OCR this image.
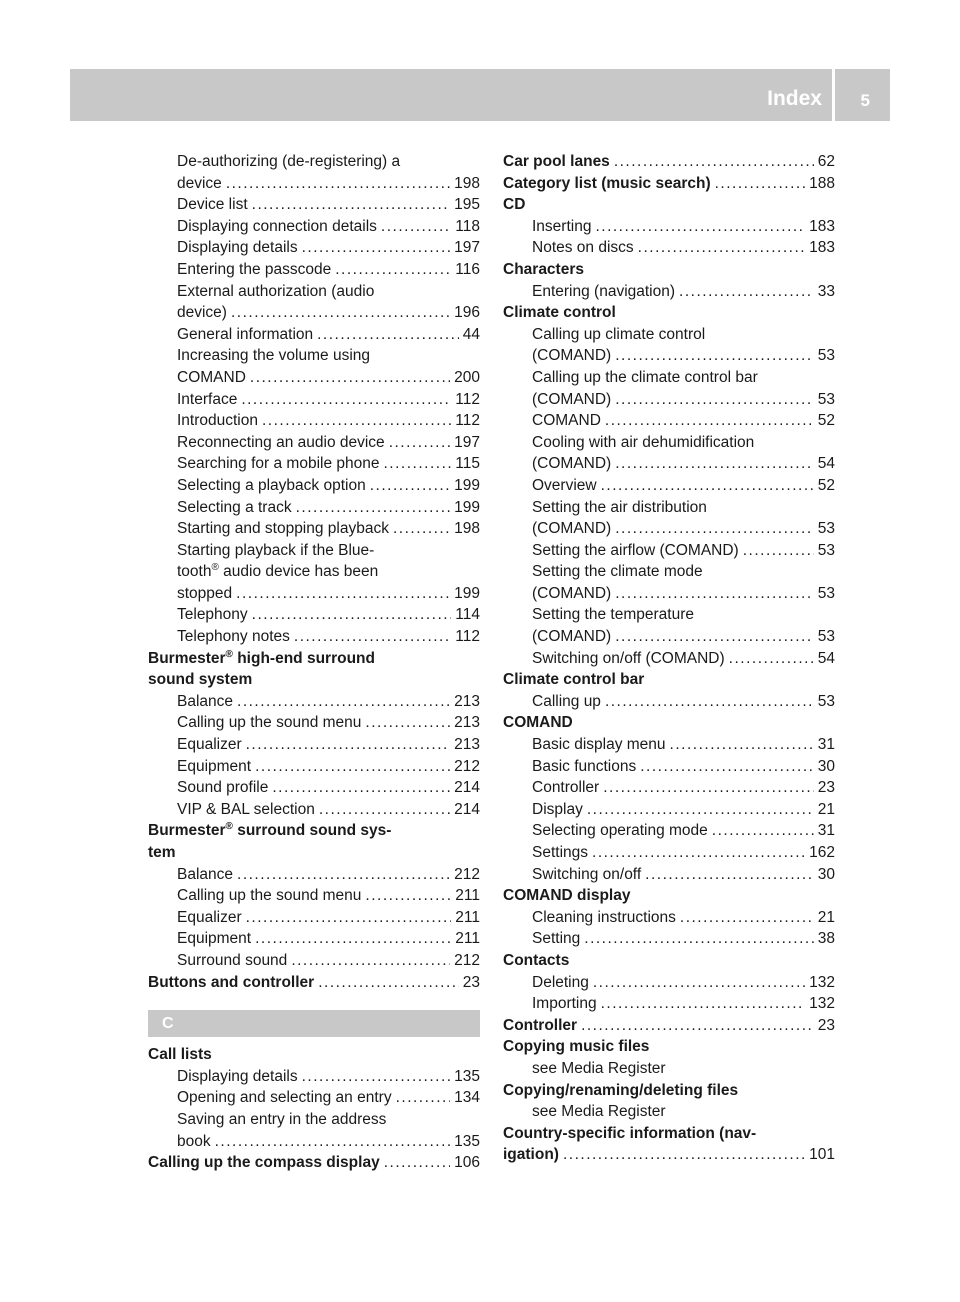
Index 5
De-authorizing (de-registering) a
device .....	198
Device list .....	195
Displaying connection details .....	118
Displaying details .....	197
Entering the passcode .....	116
External authorization (audio
device) .....	196
General information .....	44
Increasing the volume using
COMAND .....	200
Interface .....	112
Introduction .....	112
Reconnecting an audio device .....	197
Searching for a mobile phone .....	115
Selecting a playback option .....	199
Selecting a track .....	199
Starting and stopping playback .....	198
Starting playback if the Blue-
tooth® audio device has been
stopped .....	199
Telephony .....	114
Telephony notes .....	112
Burmester® high-end surround
sound system
Balance .....	213
Calling up the sound menu .....	213
Equalizer .....	213
Equipment .....	212
Sound profile .....	214
VIP & BAL selection .....	214
Burmester® surround sound sys-
tem
Balance .....	212
Calling up the sound menu .....	211
Equalizer .....	211
Equipment .....	211
Surround sound .....	212
Buttons and controller .....	23
C
Call lists
Displaying details .....	135
Opening and selecting an entry .....	134
Saving an entry in the address
book .....	135
Calling up the compass display .....	106
Car pool lanes .....	62
Category list (music search) .....	188
CD
Inserting .....	183
Notes on discs .....	183
Characters
Entering (navigation) .....	33
Climate control
Calling up climate control
(COMAND) .....	53
Calling up the climate control bar
(COMAND) .....	53
COMAND .....	52
Cooling with air dehumidification
(COMAND) .....	54
Overview .....	52
Setting the air distribution
(COMAND) .....	53
Setting the airflow (COMAND) .....	53
Setting the climate mode
(COMAND) .....	53
Setting the temperature
(COMAND) .....	53
Switching on/off (COMAND) .....	54
Climate control bar
Calling up .....	53
COMAND
Basic display menu .....	31
Basic functions .....	30
Controller .....	23
Display .....	21
Selecting operating mode .....	31
Settings .....	162
Switching on/off .....	30
COMAND display
Cleaning instructions .....	21
Setting .....	38
Contacts
Deleting .....	132
Importing .....	132
Controller .....	23
Copying music files
see Media Register
Copying/renaming/deleting files
see Media Register
Country-specific information (nav-
igation) .....	101
